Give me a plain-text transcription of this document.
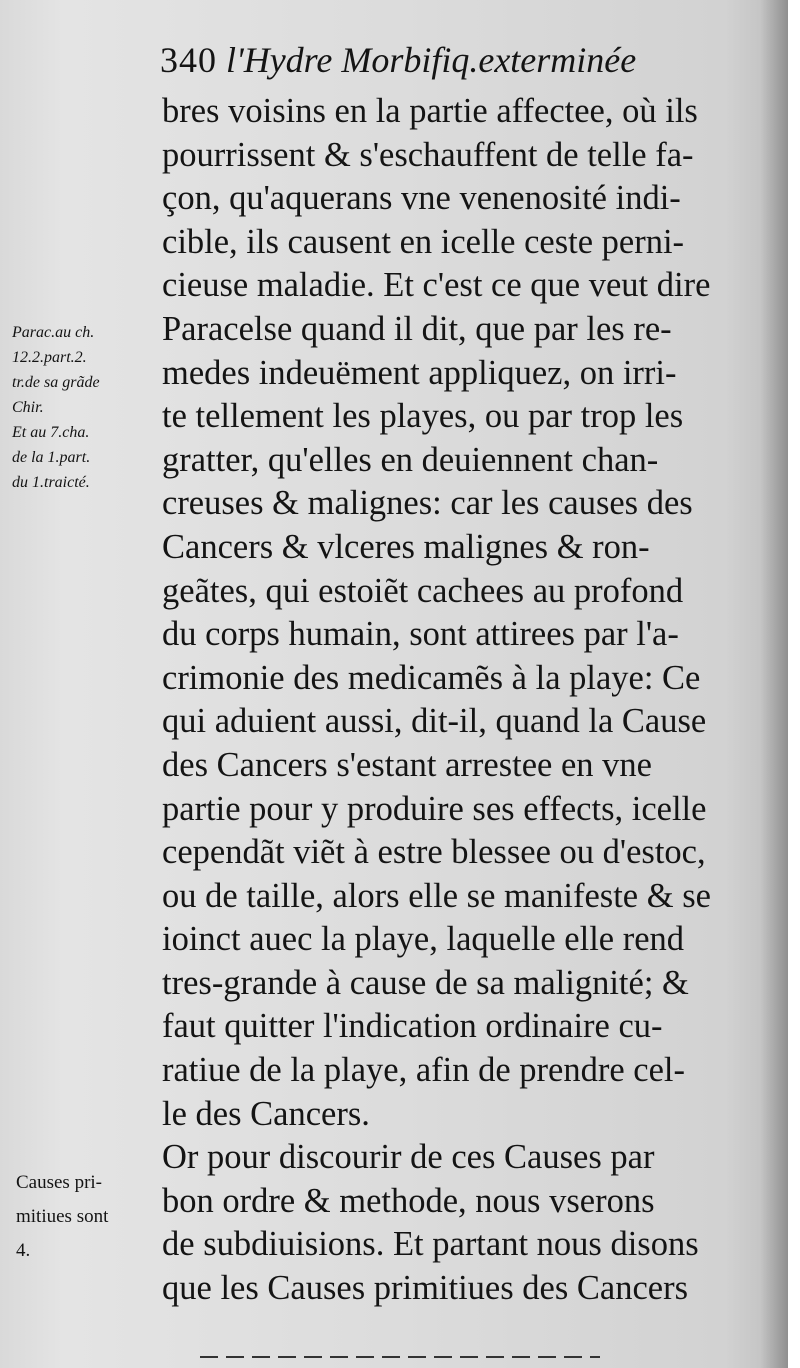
340 l'Hydre Morbifiq.exterminée
bres voisins en la partie affectee, où ils
pourrissent & s'eschauffent de telle fa-
çon, qu'aquerans vne venenosité indi-
cible, ils causent en icelle ceste perni-
cieuse maladie. Et c'est ce que veut dire
Paracelse quand il dit, que par les re-
medes indeuëment appliquez, on irri-
te tellement les playes, ou par trop les
gratter, qu'elles en deuiennent chan-
creuses & malignes: car les causes des
Cancers & vlceres malignes & ron-
geãtes, qui estoiẽt cachees au profond
du corps humain, sont attirees par l'a-
crimonie des medicamẽs à la playe: Ce
qui aduient aussi, dit-il, quand la Cause
des Cancers s'estant arrestee en vne
partie pour y produire ses effects, icelle
cependãt viẽt à estre blessee ou d'estoc,
ou de taille, alors elle se manifeste & se
ioinct auec la playe, laquelle elle rend
tres-grande à cause de sa malignité; &
faut quitter l'indication ordinaire cu-
ratiue de la playe, afin de prendre cel-
le des Cancers.
Or pour discourir de ces Causes par
bon ordre & methode, nous vserons
de subdiuisions. Et partant nous disons
que les Causes primitiues des Cancers
Parac.au ch.
12.2.part.2.
tr.de sa grãde
Chir.
Et au 7.cha.
de la 1.part.
du 1.traicté.
Causes pri-
mitiues sont
4.
